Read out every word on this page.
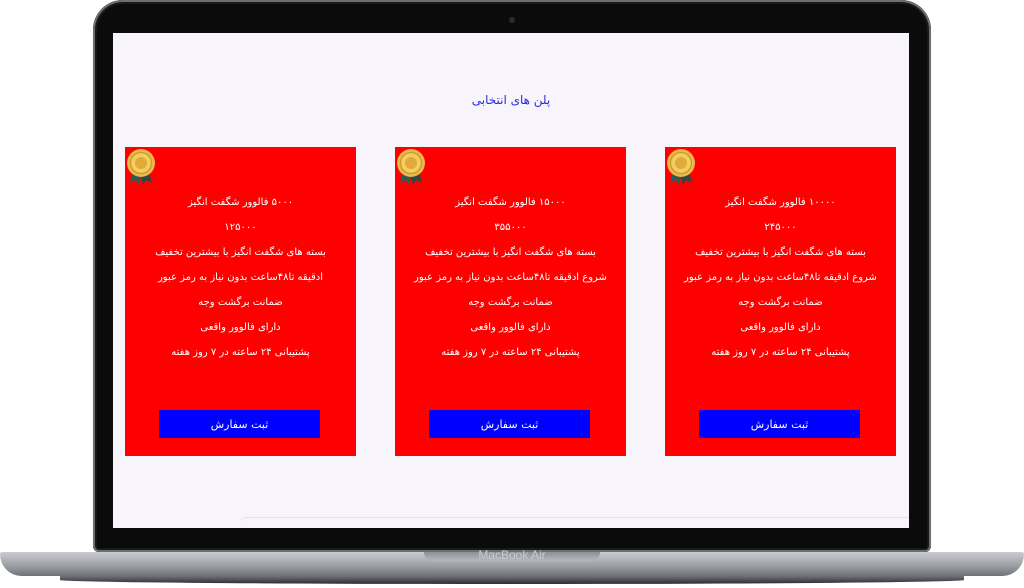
پلن های انتخابی
۵۰۰۰ فالوور شگفت انگیز
۱۲۵۰۰۰
بسته های شگفت انگیز با بیشترین تخفیف
ادقیقه تا۴۸ساعت بدون نیاز به رمز عبور
ضمانت برگشت وجه
دارای فالوور واقعی
پشتیبانی ۲۴ ساعته در ۷ روز هفته
ثبت سفارش
۱۵۰۰۰ فالوور شگفت انگیز
۳۵۵۰۰۰
بسته های شگفت انگیز با بیشترین تخفیف
شروع ادقیقه تا۴۸ساعت بدون نیاز به رمز عبور
ضمانت برگشت وجه
دارای فالوور واقعی
پشتیبانی ۲۴ ساعته در ۷ روز هفته
ثبت سفارش
۱۰۰۰۰ فالوور شگفت انگیز
۲۴۵۰۰۰
بسته های شگفت انگیز با بیشترین تخفیف
شروع ادقیقه تا۴۸ساعت بدون نیاز به رمز عبور
ضمانت برگشت وجه
دارای فالوور واقعی
پشتیبانی ۲۴ ساعته در ۷ روز هفته
ثبت سفارش
MacBook Air
